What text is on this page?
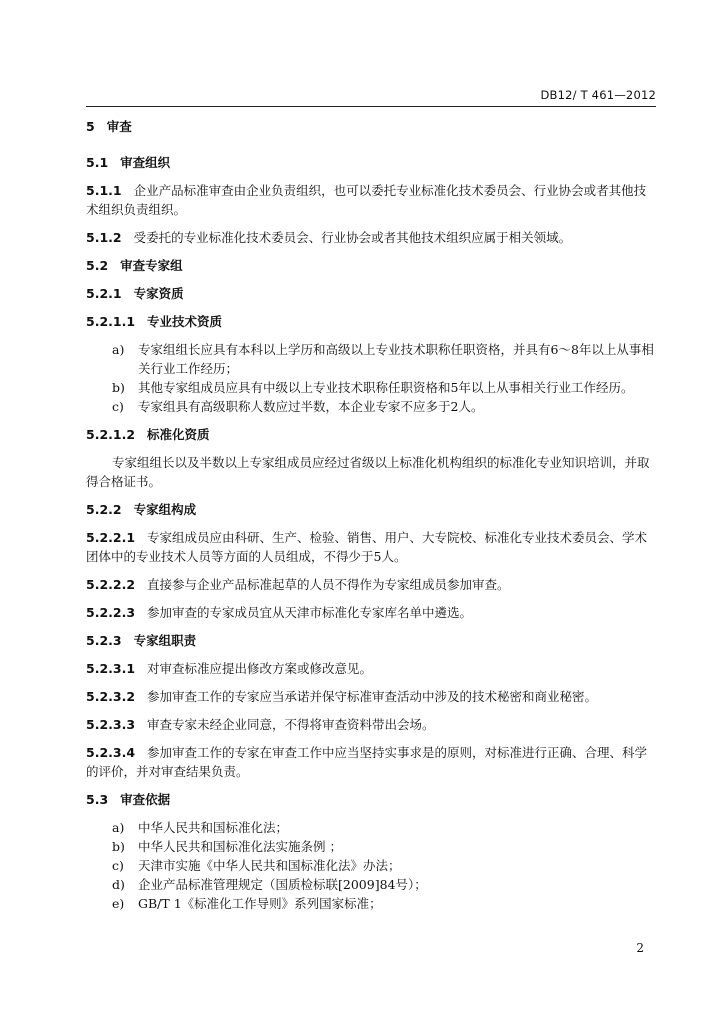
DB12/ T 461—2012
5 审查
5.1 审查组织
5.1.1 企业产品标准审查由企业负责组织，也可以委托专业标准化技术委员会、行业协会或者其他技术组织负责组织。
5.1.2 受委托的专业标准化技术委员会、行业协会或者其他技术组织应属于相关领域。
5.2 审查专家组
5.2.1 专家资质
5.2.1.1 专业技术资质
a)	专家组组长应具有本科以上学历和高级以上专业技术职称任职资格，并具有6～8年以上从事相关行业工作经历；
b)	其他专家组成员应具有中级以上专业技术职称任职资格和5年以上从事相关行业工作经历。
c)	专家组具有高级职称人数应过半数，本企业专家不应多于2人。
5.2.1.2 标准化资质
专家组组长以及半数以上专家组成员应经过省级以上标准化机构组织的标准化专业知识培训，并取得合格证书。
5.2.2 专家组构成
5.2.2.1 专家组成员应由科研、生产、检验、销售、用户、大专院校、标准化专业技术委员会、学术团体中的专业技术人员等方面的人员组成，不得少于5人。
5.2.2.2 直接参与企业产品标准起草的人员不得作为专家组成员参加审查。
5.2.2.3 参加审查的专家成员宜从天津市标准化专家库名单中遴选。
5.2.3 专家组职责
5.2.3.1 对审查标准应提出修改方案或修改意见。
5.2.3.2 参加审查工作的专家应当承诺并保守标准审查活动中涉及的技术秘密和商业秘密。
5.2.3.3 审查专家未经企业同意，不得将审查资料带出会场。
5.2.3.4 参加审查工作的专家在审查工作中应当坚持实事求是的原则，对标准进行正确、合理、科学的评价，并对审查结果负责。
5.3 审查依据
a)	中华人民共和国标准化法；
b)	中华人民共和国标准化法实施条例 ；
c)	天津市实施《中华人民共和国标准化法》办法；
d)	企业产品标准管理规定（国质检标联[2009]84号）；
e)	GB/T 1《标准化工作导则》系列国家标准；
2
